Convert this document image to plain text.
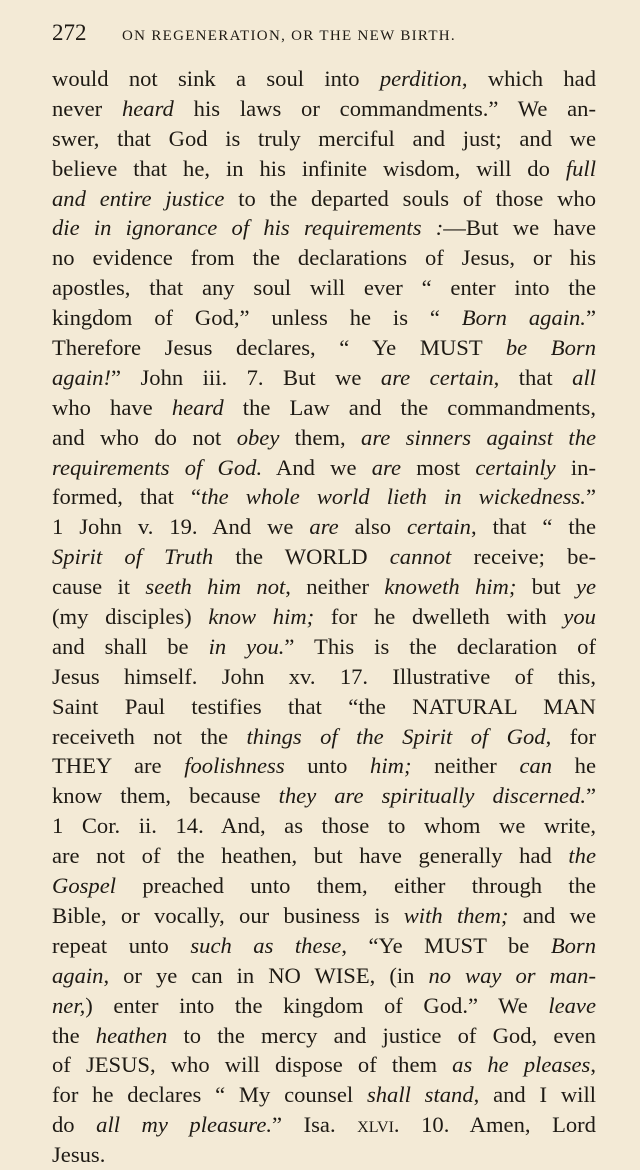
272	ON REGENERATION, OR THE NEW BIRTH.
would not sink a soul into perdition, which had
never heard his laws or commandments.” We an-
swer, that God is truly merciful and just; and we
believe that he, in his infinite wisdom, will do full
and entire justice to the departed souls of those who
die in ignorance of his requirements :—But we have
no evidence from the declarations of Jesus, or his
apostles, that any soul will ever “ enter into the
kingdom of God,” unless he is “ Born again.”
Therefore Jesus declares, “ Ye MUST be Born
again!” John iii. 7. But we are certain, that all
who have heard the Law and the commandments,
and who do not obey them, are sinners against the
requirements of God. And we are most certainly in-
formed, that “the whole world lieth in wickedness.”
1 John v. 19. And we are also certain, that “ the
Spirit of Truth the WORLD cannot receive; be-
cause it seeth him not, neither knoweth him; but ye
(my disciples) know him; for he dwelleth with you
and shall be in you.” This is the declaration of
Jesus himself. John xv. 17. Illustrative of this,
Saint Paul testifies that “the NATURAL MAN
receiveth not the things of the Spirit of God, for
THEY are foolishness unto him; neither can he
know them, because they are spiritually discerned.”
1 Cor. ii. 14. And, as those to whom we write,
are not of the heathen, but have generally had the
Gospel preached unto them, either through the
Bible, or vocally, our business is with them; and we
repeat unto such as these, “Ye MUST be Born
again, or ye can in NO WISE, (in no way or man-
ner,) enter into the kingdom of God.” We leave
the heathen to the mercy and justice of God, even
of JESUS, who will dispose of them as he pleases,
for he declares “ My counsel shall stand, and I will
do all my pleasure.” Isa. xlvi. 10. Amen, Lord
Jesus.
